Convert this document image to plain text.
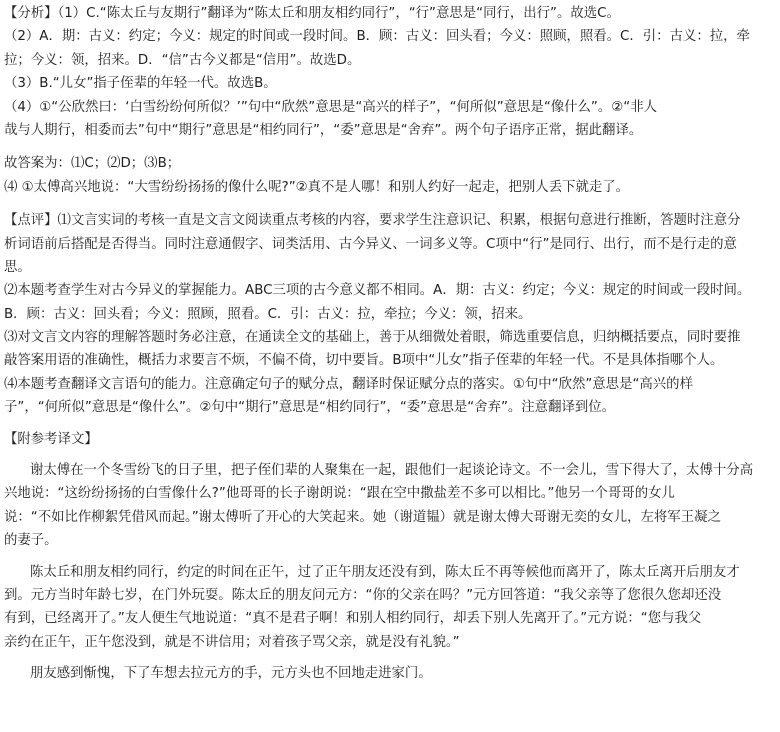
【分析】（1）C.“陈太丘与友期行”翻译为“陈太丘和朋友相约同行”，“行”意思是“同行，出行”。故选C。
（2）A．期：古义：约定；今义：规定的时间或一段时间。B．顾：古义：回头看；今义：照顾，照看。C．引：古义：拉，牵
拉；今义：领，招来。D．“信”古今义都是“信用”。故选D。
（3）B.“儿女”指子侄辈的年轻一代。故选B。
（4）①“公欣然曰：‘白雪纷纷何所似？’”句中“欣然”意思是“高兴的样子”，“何所似”意思是“像什么”。②“非人
哉与人期行，相委而去”句中“期行”意思是“相约同行”，“委”意思是“舍弃”。两个句子语序正常，据此翻译。
故答案为：⑴C；⑵D；⑶B；
⑷ ①太傅高兴地说：“大雪纷纷扬扬的像什么呢?”②真不是人哪！和别人约好一起走，把别人丢下就走了。
【点评】⑴文言实词的考核一直是文言文阅读重点考核的内容，要求学生注意识记、积累，根据句意进行推断，答题时注意分
析词语前后搭配是否得当。同时注意通假字、词类活用、古今异义、一词多义等。C项中“行”是同行、出行，而不是行走的意
思。
⑵本题考查学生对古今异义的掌握能力。ABC三项的古今意义都不相同。A．期：古义：约定；今义：规定的时间或一段时间。
B．顾：古义：回头看；今义：照顾，照看。C．引：古义：拉，牵拉；今义：领，招来。
⑶对文言文内容的理解答题时务必注意，在通读全文的基础上，善于从细微处着眼，筛选重要信息，归纳概括要点，同时要推
敲答案用语的准确性，概括力求要言不烦，不偏不倚，切中要旨。B项中“儿女”指子侄辈的年轻一代。不是具体指哪个人。
⑷本题考查翻译文言语句的能力。注意确定句子的赋分点，翻译时保证赋分点的落实。①句中“欣然”意思是“高兴的样
子”，“何所似”意思是“像什么”。②句中“期行”意思是“相约同行”，“委”意思是“舍弃”。注意翻译到位。
【附参考译文】
谢太傅在一个冬雪纷飞的日子里，把子侄们辈的人聚集在一起，跟他们一起谈论诗文。不一会儿，雪下得大了，太傅十分高
兴地说：“这纷纷扬扬的白雪像什么?”他哥哥的长子谢朗说：“跟在空中撒盐差不多可以相比。”他另一个哥哥的女儿
说：“不如比作柳絮凭借风而起。”谢太傅听了开心的大笑起来。她（谢道韫）就是谢太傅大哥谢无奕的女儿，左将军王凝之
的妻子。
陈太丘和朋友相约同行，约定的时间在正午，过了正午朋友还没有到，陈太丘不再等候他而离开了，陈太丘离开后朋友才
到。元方当时年龄七岁，在门外玩耍。陈太丘的朋友问元方：“你的父亲在吗？”元方回答道：“我父亲等了您很久您却还没
有到，已经离开了。”友人便生气地说道：“真不是君子啊！和别人相约同行，却丢下别人先离开了。”元方说：“您与我父
亲约在正午，正午您没到，就是不讲信用；对着孩子骂父亲，就是没有礼貌。”
朋友感到惭愧，下了车想去拉元方的手，元方头也不回地走进家门。
